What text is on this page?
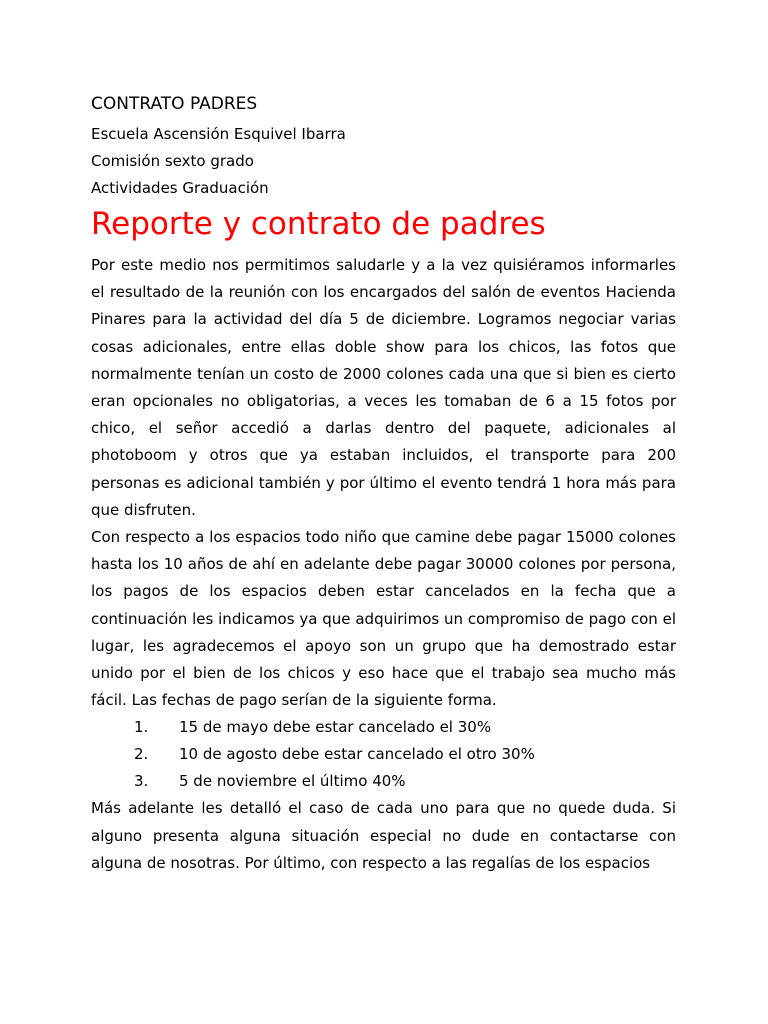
CONTRATO PADRES

Escuela Ascensión Esquivel Ibarra

Comisión sexto grado

Actividades Graduación

Reporte y contrato de padres

Por este medio nos permitimos saludarle y a la vez quisiéramos informarles el resultado de la reunión con los encargados del salón de eventos Hacienda Pinares para la actividad del día 5 de diciembre. Logramos negociar varias cosas adicionales, entre ellas doble show para los chicos, las fotos que normalmente tenían un costo de 2000 colones cada una que si bien es cierto eran opcionales no obligatorias, a veces les tomaban de 6 a 15 fotos por chico, el señor accedió a darlas dentro del paquete, adicionales al photoboom y otros que ya estaban incluidos, el transporte para 200 personas es adicional también y por último el evento tendrá 1 hora más para que disfruten.

Con respecto a los espacios todo niño que camine debe pagar 15000 colones hasta los 10 años de ahí en adelante debe pagar 30000 colones por persona, los pagos de los espacios deben estar cancelados en la fecha que a continuación les indicamos ya que adquirimos un compromiso de pago con el lugar, les agradecemos el apoyo son un grupo que ha demostrado estar unido por el bien de los chicos y eso hace que el trabajo sea mucho más fácil. Las fechas de pago serían de la siguiente forma.

1.	15 de mayo debe estar cancelado el 30%
2.	10 de agosto debe estar cancelado el otro 30%
3.	5 de noviembre el último 40%

Más adelante les detalló el caso de cada uno para que no quede duda. Si alguno presenta alguna situación especial no dude en contactarse con alguna de nosotras. Por último, con respecto a las regalías de los espacios
